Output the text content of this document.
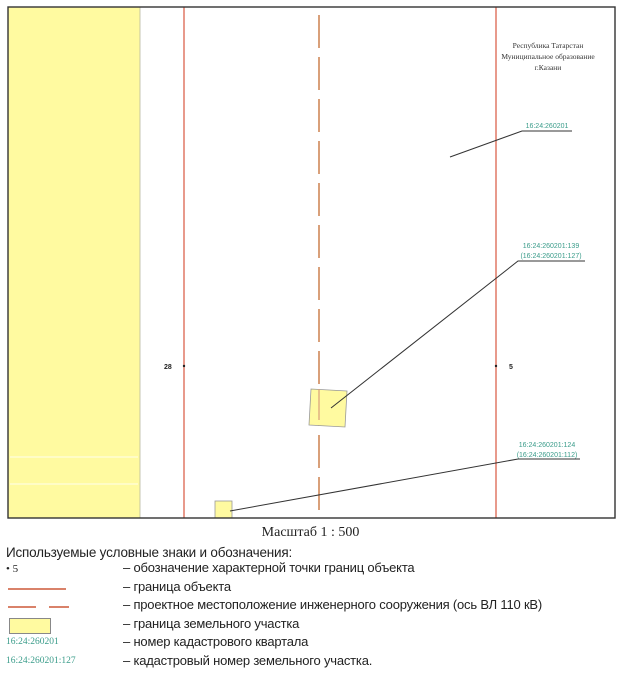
28	5
Республика Татарстан
Муниципальное образование
г.Казани
16:24:260201
16:24:260201:139
(16:24:260201:127)
16:24:260201:124
(16:24:260201:112)
Масштаб 1 : 500
Используемые условные знаки и обозначения:
• 5	– обозначение характерной точки границ объекта
– граница объекта
– проектное местоположение инженерного сооружения (ось ВЛ 110 кВ)
– граница земельного участка
16:24:260201	– номер кадастрового квартала
16:24:260201:127	– кадастровый номер земельного участка.
